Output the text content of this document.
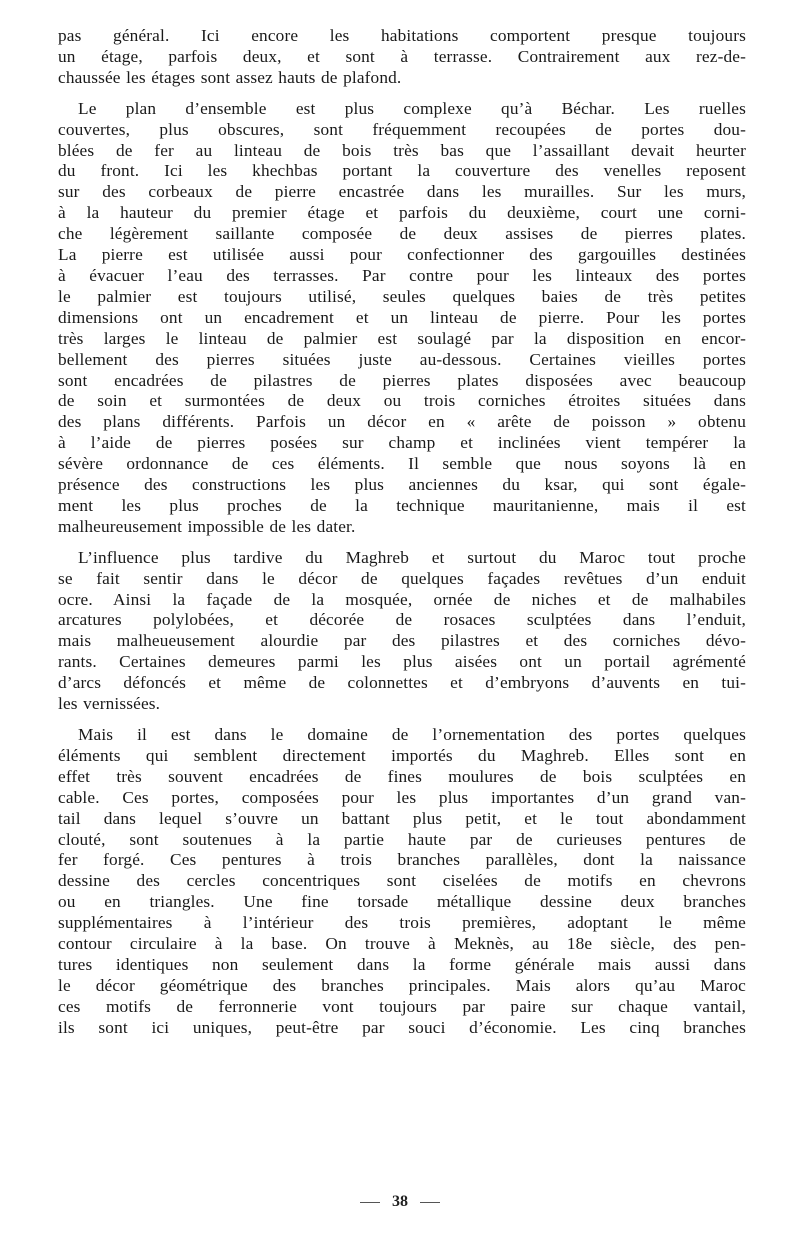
pas général. Ici encore les habitations comportent presque toujours
un étage, parfois deux, et sont à terrasse. Contrairement aux rez-de-
chaussée les étages sont assez hauts de plafond.

Le plan d’ensemble est plus complexe qu’à Béchar. Les ruelles
couvertes, plus obscures, sont fréquemment recoupées de portes dou-
blées de fer au linteau de bois très bas que l’assaillant devait heurter
du front. Ici les khechbas portant la couverture des venelles reposent
sur des corbeaux de pierre encastrée dans les murailles. Sur les murs,
à la hauteur du premier étage et parfois du deuxième, court une corni-
che légèrement saillante composée de deux assises de pierres plates.
La pierre est utilisée aussi pour confectionner des gargouilles destinées
à évacuer l’eau des terrasses. Par contre pour les linteaux des portes
le palmier est toujours utilisé, seules quelques baies de très petites
dimensions ont un encadrement et un linteau de pierre. Pour les portes
très larges le linteau de palmier est soulagé par la disposition en encor-
bellement des pierres situées juste au-dessous. Certaines vieilles portes
sont encadrées de pilastres de pierres plates disposées avec beaucoup
de soin et surmontées de deux ou trois corniches étroites situées dans
des plans différents. Parfois un décor en « arête de poisson » obtenu
à l’aide de pierres posées sur champ et inclinées vient tempérer la
sévère ordonnance de ces éléments. Il semble que nous soyons là en
présence des constructions les plus anciennes du ksar, qui sont égale-
ment les plus proches de la technique mauritanienne, mais il est
malheureusement impossible de les dater.

L’influence plus tardive du Maghreb et surtout du Maroc tout proche
se fait sentir dans le décor de quelques façades revêtues d’un enduit
ocre. Ainsi la façade de la mosquée, ornée de niches et de malhabiles
arcatures polylobées, et décorée de rosaces sculptées dans l’enduit,
mais malheueusement alourdie par des pilastres et des corniches dévo-
rants. Certaines demeures parmi les plus aisées ont un portail agrémenté
d’arcs défoncés et même de colonnettes et d’embryons d’auvents en tui-
les vernissées.

Mais il est dans le domaine de l’ornementation des portes quelques
éléments qui semblent directement importés du Maghreb. Elles sont en
effet très souvent encadrées de fines moulures de bois sculptées en
cable. Ces portes, composées pour les plus importantes d’un grand van-
tail dans lequel s’ouvre un battant plus petit, et le tout abondamment
clouté, sont soutenues à la partie haute par de curieuses pentures de
fer forgé. Ces pentures à trois branches parallèles, dont la naissance
dessine des cercles concentriques sont ciselées de motifs en chevrons
ou en triangles. Une fine torsade métallique dessine deux branches
supplémentaires à l’intérieur des trois premières, adoptant le même
contour circulaire à la base. On trouve à Meknès, au 18e siècle, des pen-
tures identiques non seulement dans la forme générale mais aussi dans
le décor géométrique des branches principales. Mais alors qu’au Maroc
ces motifs de ferronnerie vont toujours par paire sur chaque vantail,
ils sont ici uniques, peut-être par souci d’économie. Les cinq branches

38
